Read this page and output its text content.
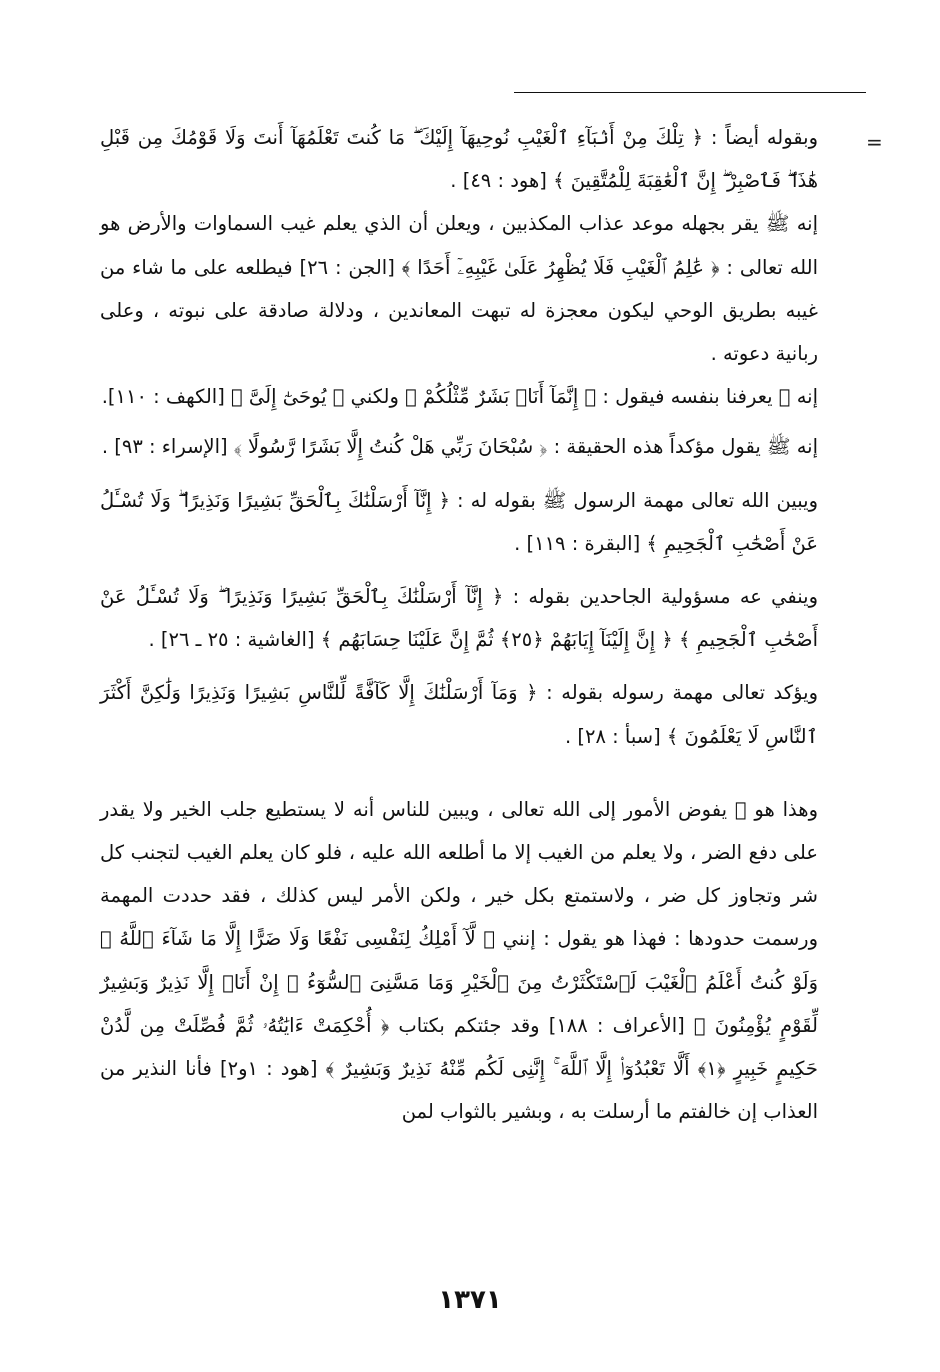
=

وبقوله أيضاً : ﴿ تِلْكَ مِنْ أَنۢبَآءِ ٱلْغَيْبِ نُوحِيهَآ إِلَيْكَ ۖ مَا كُنتَ تَعْلَمُهَآ أَنتَ وَلَا قَوْمُكَ مِن قَبْلِ هَٰذَا ۖ فَٱصْبِرْ ۖ إِنَّ ٱلْعَٰقِبَةَ لِلْمُتَّقِينَ ﴾ [هود : ٤٩] .

إنه ﷺ يقر بجهله موعد عذاب المكذبين ، ويعلن أن الذي يعلم غيب السماوات والأرض هو الله تعالى : ﴿ عَٰلِمُ ٱلْغَيْبِ فَلَا يُظْهِرُ عَلَىٰ غَيْبِهِۦٓ أَحَدًا ﴾ [الجن : ٢٦] فيطلعه على ما شاء من غيبه بطريق الوحي ليكون معجزة له تبهت المعاندين ، ودلالة صادقة على نبوته ، وعلى ربانية دعوته .

إنه ﷺ يعرفنا بنفسه فيقول : ﴿ إِنَّمَآ أَنَا۠ بَشَرٌ مِّثْلُكُمْ ﴾ ولكني ﴿ يُوحَىٰٓ إِلَىَّ ﴾ [الكهف : ١١٠].

إنه ﷺ يقول مؤكداً هذه الحقيقة : ﴿ سُبْحَانَ رَبِّي هَلْ كُنتُ إِلَّا بَشَرًا رَّسُولًا ﴾ [الإسراء : ٩٣] .

ويبين الله تعالى مهمة الرسول ﷺ بقوله له : ﴿ إِنَّآ أَرْسَلْنَٰكَ بِٱلْحَقِّ بَشِيرًا وَنَذِيرًا ۖ وَلَا تُسْـَٔلُ عَنْ أَصْحَٰبِ ٱلْجَحِيمِ ﴾ [البقرة : ١١٩] .

وينفي عه مسؤولية الجاحدين بقوله : ﴿ إِنَّآ أَرْسَلْنَٰكَ بِٱلْحَقِّ بَشِيرًا وَنَذِيرًا ۖ وَلَا تُسْـَٔلُ عَنْ أَصْحَٰبِ ٱلْجَحِيمِ ﴾ ﴿ إِنَّ إِلَيْنَآ إِيَابَهُمْ ﴿٢٥﴾ ثُمَّ إِنَّ عَلَيْنَا حِسَابَهُم ﴾ [الغاشية : ٢٥ ـ ٢٦] .

ويؤكد تعالى مهمة رسوله بقوله : ﴿ وَمَآ أَرْسَلْنَٰكَ إِلَّا كَآفَّةً لِّلنَّاسِ بَشِيرًا وَنَذِيرًا وَلَٰكِنَّ أَكْثَرَ ٱلنَّاسِ لَا يَعْلَمُونَ ﴾ [سبأ : ٢٨] .

وهذا هو ﷺ يفوض الأمور إلى الله تعالى ، ويبين للناس أنه لا يستطيع جلب الخير ولا يقدر على دفع الضر ، ولا يعلم من الغيب إلا ما أطلعه الله عليه ، فلو كان يعلم الغيب لتجنب كل شر وتجاوز كل ضر ، ولاستمتع بكل خير ، ولكن الأمر ليس كذلك ، فقد حددت المهمة ورسمت حدودها : فهذا هو يقول : إنني ﴿ لَّآ أَمْلِكُ لِنَفْسِى نَفْعًا وَلَا ضَرًّا إِلَّا مَا شَآءَ ٱللَّهُ ۚ وَلَوْ كُنتُ أَعْلَمُ ٱلْغَيْبَ لَٱسْتَكْثَرْتُ مِنَ ٱلْخَيْرِ وَمَا مَسَّنِىَ ٱلسُّوٓءُ ۚ إِنْ أَنَا۠ إِلَّا نَذِيرٌ وَبَشِيرٌ لِّقَوْمٍ يُؤْمِنُونَ ﴾ [الأعراف : ١٨٨] وقد جئتكم بكتاب ﴿ أُحْكِمَتْ ءَايَٰتُهُۥ ثُمَّ فُصِّلَتْ مِن لَّدُنْ حَكِيمٍ خَبِيرٍ ﴿١﴾ أَلَّا تَعْبُدُوٓا۟ إِلَّا ٱللَّهَ ۚ إِنَّنِى لَكُم مِّنْهُ نَذِيرٌ وَبَشِيرٌ ﴾ [هود : ١و٢] فأنا النذير من العذاب إن خالفتم ما أرسلت به ، وبشير بالثواب لمن

١٣٧١
